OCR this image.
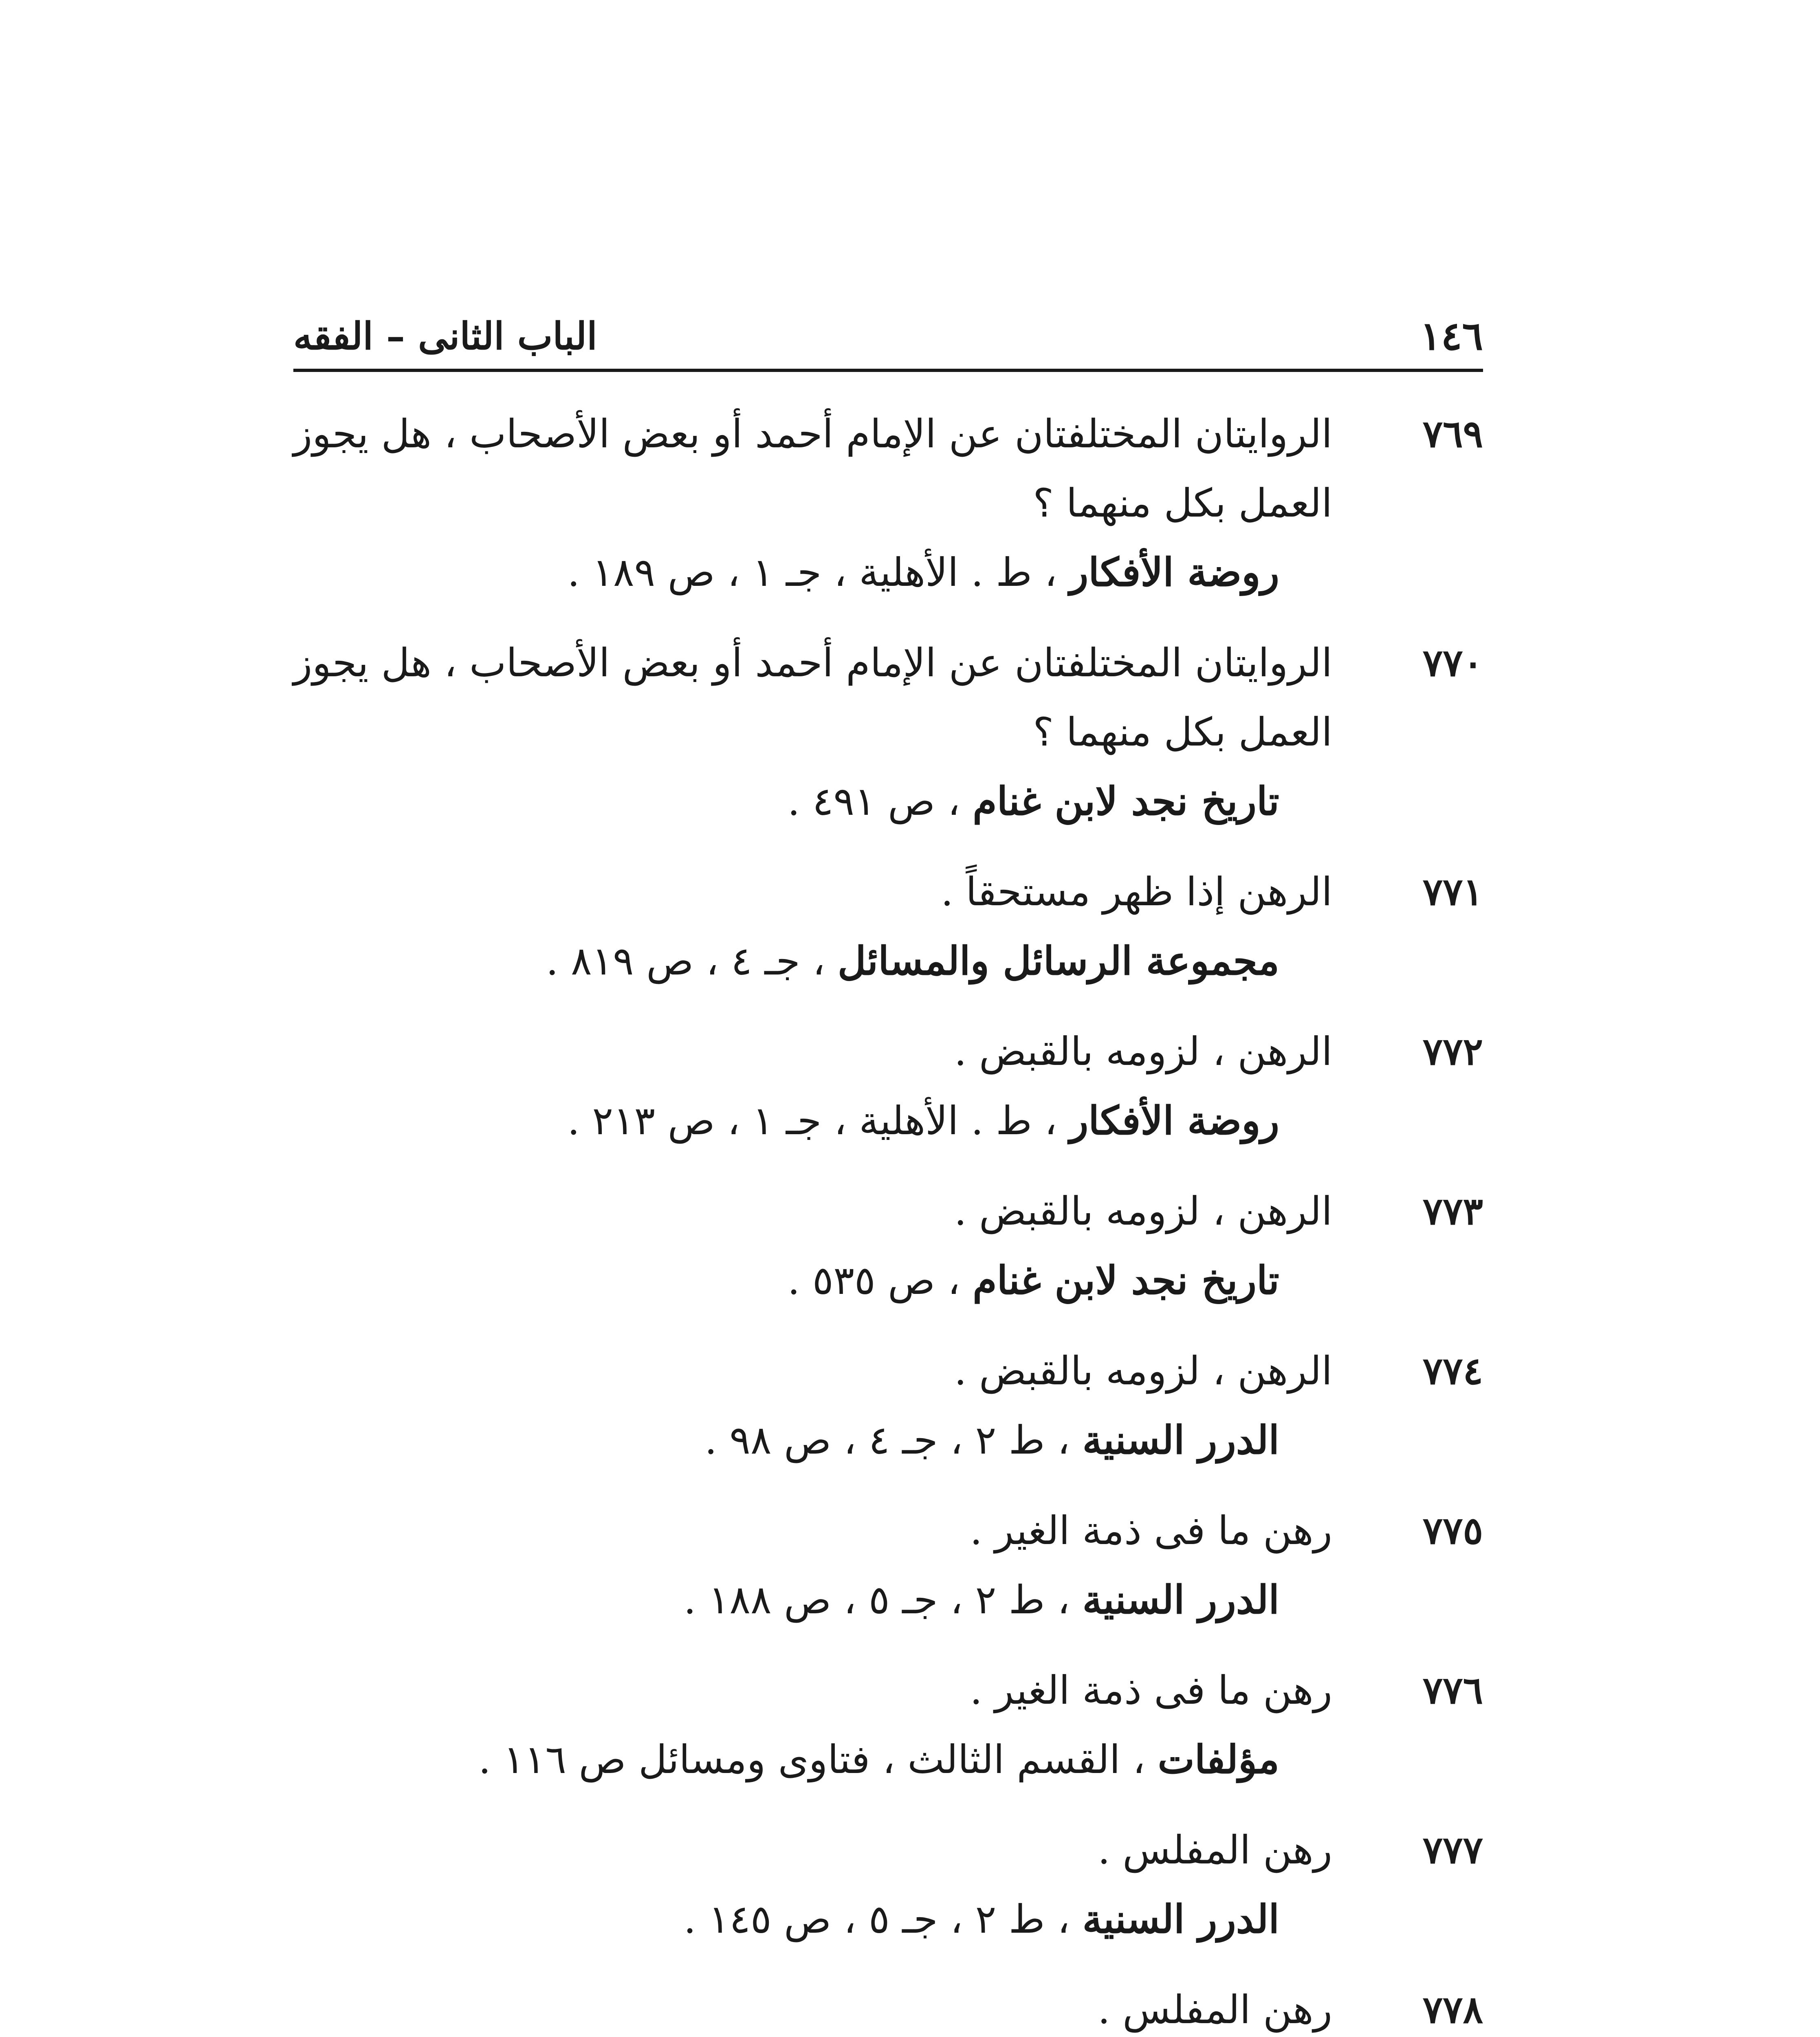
١٤٦
الباب الثانى – الفقه
٧٦٩
الروايتان المختلفتان عن الإمام أحمد أو بعض الأصحاب ، هل يجوز العمل بكل منهما ؟
روضة الأفكار ، ط . الأهلية ، جـ ١ ، ص ١٨٩ .
٧٧٠
الروايتان المختلفتان عن الإمام أحمد أو بعض الأصحاب ، هل يجوز العمل بكل منهما ؟
تاريخ نجد لابن غنام ، ص ٤٩١ .
٧٧١
الرهن إذا ظهر مستحقاً .
مجموعة الرسائل والمسائل ، جـ ٤ ، ص ٨١٩ .
٧٧٢
الرهن ، لزومه بالقبض .
روضة الأفكار ، ط . الأهلية ، جـ ١ ، ص ٢١٣ .
٧٧٣
الرهن ، لزومه بالقبض .
تاريخ نجد لابن غنام ، ص ٥٣٥ .
٧٧٤
الرهن ، لزومه بالقبض .
الدرر السنية ، ط ٢ ، جـ ٤ ، ص ٩٨ .
٧٧٥
رهن ما فى ذمة الغير .
الدرر السنية ، ط ٢ ، جـ ٥ ، ص ١٨٨ .
٧٧٦
رهن ما فى ذمة الغير .
مؤلفات ، القسم الثالث ، فتاوى ومسائل ص ١١٦ .
٧٧٧
رهن المفلس .
الدرر السنية ، ط ٢ ، جـ ٥ ، ص ١٤٥ .
٧٧٨
رهن المفلس .
